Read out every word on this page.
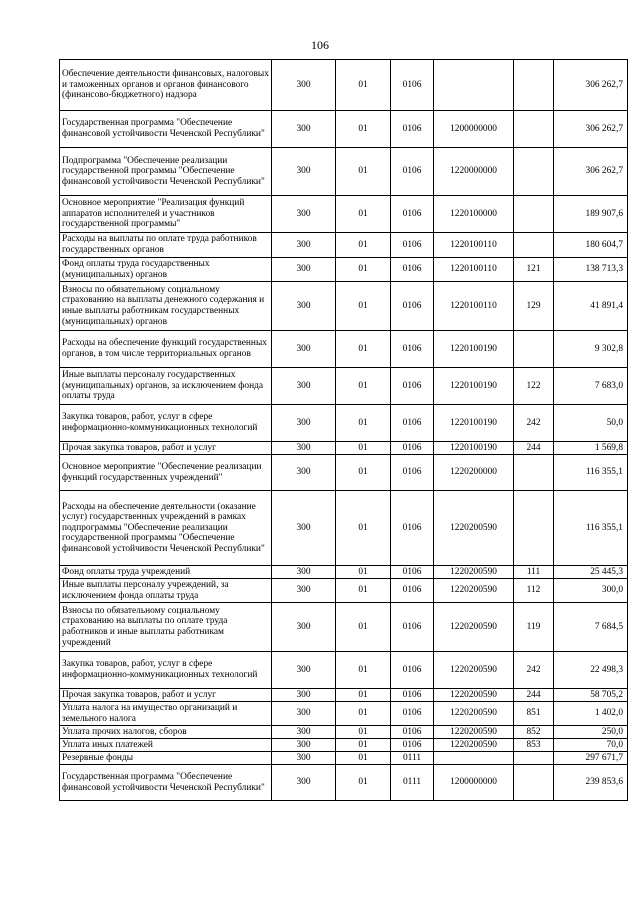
106
Обеспечение деятельности финансовых, налоговых и таможенных органов и органов финансового (финансово-бюджетного) надзора	300	01	0106			306 262,7
Государственная программа "Обеспечение финансовой устойчивости Чеченской Республики"	300	01	0106	1200000000		306 262,7
Подпрограмма "Обеспечение реализации государственной программы "Обеспечение финансовой устойчивости Чеченской Республики"	300	01	0106	1220000000		306 262,7
Основное мероприятие "Реализация функций аппаратов исполнителей и участников государственной программы"	300	01	0106	1220100000		189 907,6
Расходы на выплаты по оплате труда работников государственных органов	300	01	0106	1220100110		180 604,7
Фонд оплаты труда государственных (муниципальных) органов	300	01	0106	1220100110	121	138 713,3
Взносы по обязательному социальному страхованию на выплаты денежного содержания и иные выплаты работникам государственных (муниципальных) органов	300	01	0106	1220100110	129	41 891,4
Расходы на обеспечение функций государственных органов, в том числе территориальных органов	300	01	0106	1220100190		9 302,8
Иные выплаты персоналу государственных (муниципальных) органов, за исключением фонда оплаты труда	300	01	0106	1220100190	122	7 683,0
Закупка товаров, работ, услуг в сфере информационно-коммуникационных технологий	300	01	0106	1220100190	242	50,0
Прочая закупка товаров, работ и услуг	300	01	0106	1220100190	244	1 569,8
Основное мероприятие "Обеспечение реализации функций государственных учреждений"	300	01	0106	1220200000		116 355,1
Расходы на обеспечение деятельности (оказание услуг) государственных учреждений в рамках подпрограммы "Обеспечение реализации государственной программы "Обеспечение финансовой устойчивости Чеченской Республики"	300	01	0106	1220200590		116 355,1
Фонд оплаты труда учреждений	300	01	0106	1220200590	111	25 445,3
Иные выплаты персоналу учреждений, за исключением фонда оплаты труда	300	01	0106	1220200590	112	300,0
Взносы по обязательному социальному страхованию на выплаты по оплате труда работников и иные выплаты работникам учреждений	300	01	0106	1220200590	119	7 684,5
Закупка товаров, работ, услуг в сфере информационно-коммуникационных технологий	300	01	0106	1220200590	242	22 498,3
Прочая закупка товаров, работ и услуг	300	01	0106	1220200590	244	58 705,2
Уплата налога на имущество организаций и земельного налога	300	01	0106	1220200590	851	1 402,0
Уплата прочих налогов, сборов	300	01	0106	1220200590	852	250,0
Уплата иных платежей	300	01	0106	1220200590	853	70,0
Резервные фонды	300	01	0111			297 671,7
Государственная программа "Обеспечение финансовой устойчивости Чеченской Республики"	300	01	0111	1200000000		239 853,6
